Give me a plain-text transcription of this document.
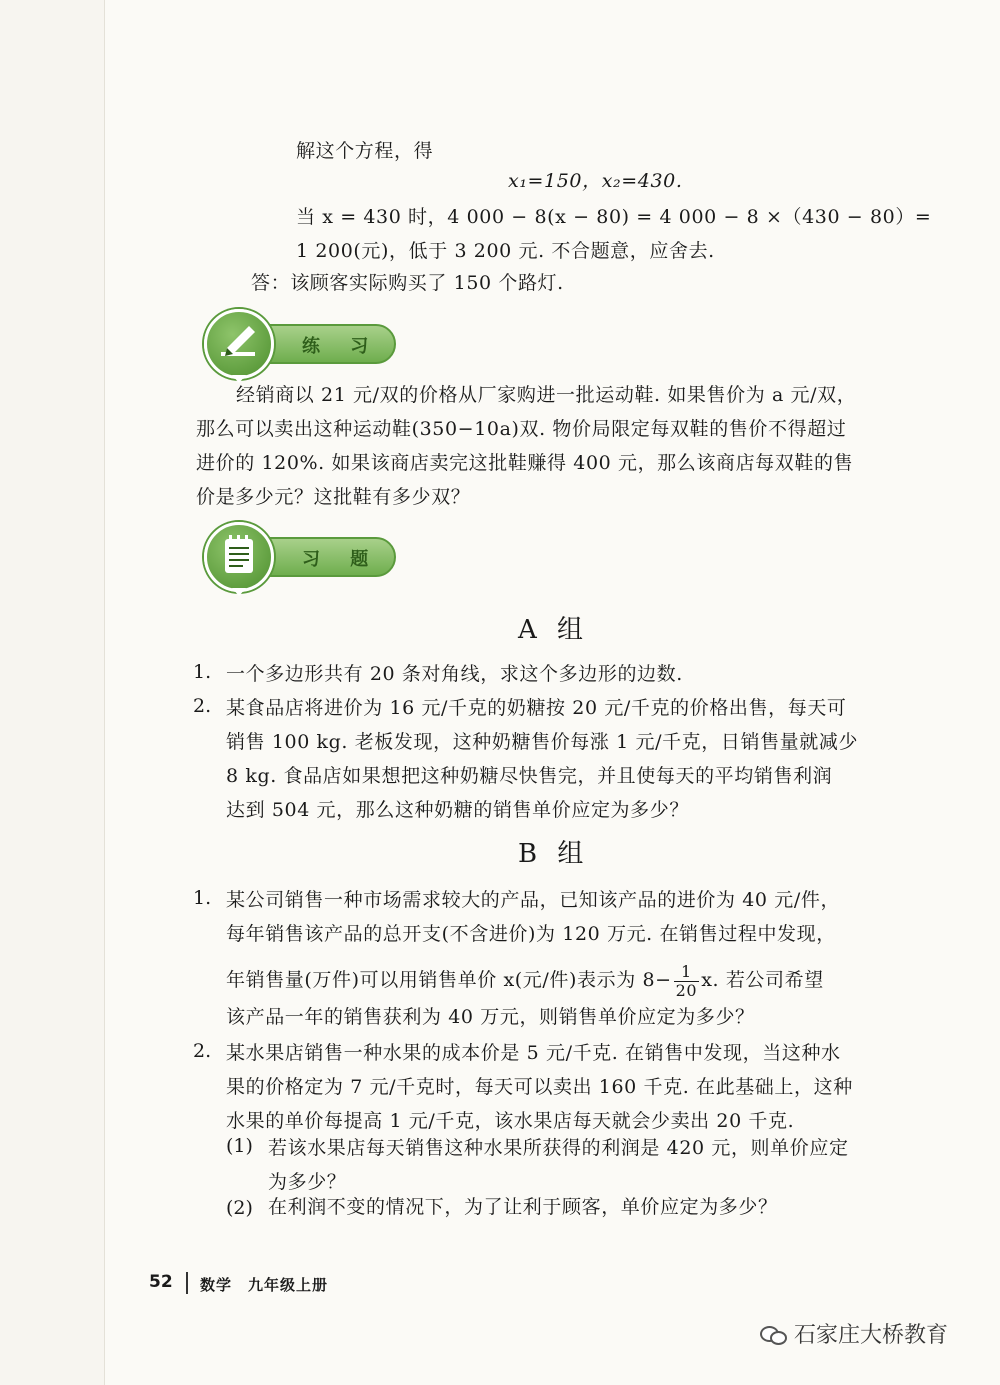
解这个方程，得
x₁=150，x₂=430.
当 x = 430 时，4 000 − 8(x − 80) = 4 000 − 8 ×（430 − 80）=
1 200(元)，低于 3 200 元. 不合题意，应舍去.
答：该顾客实际购买了 150 个路灯.
练 习
经销商以 21 元/双的价格从厂家购进一批运动鞋. 如果售价为 a 元/双，
那么可以卖出这种运动鞋(350−10a)双. 物价局限定每双鞋的售价不得超过
进价的 120%. 如果该商店卖完这批鞋赚得 400 元，那么该商店每双鞋的售
价是多少元？这批鞋有多少双？
习 题
A 组
1. 一个多边形共有 20 条对角线，求这个多边形的边数.
2. 某食品店将进价为 16 元/千克的奶糖按 20 元/千克的价格出售，每天可
销售 100 kg. 老板发现，这种奶糖售价每涨 1 元/千克，日销售量就减少
8 kg. 食品店如果想把这种奶糖尽快售完，并且使每天的平均销售利润
达到 504 元，那么这种奶糖的销售单价应定为多少？
B 组
1. 某公司销售一种市场需求较大的产品，已知该产品的进价为 40 元/件，
每年销售该产品的总开支(不含进价)为 120 万元. 在销售过程中发现，
年销售量(万件)可以用销售单价 x(元/件)表示为 $8- \frac{1}{20} x$. 若公司希望
该产品一年的销售获利为 40 万元，则销售单价应定为多少？
2. 某水果店销售一种水果的成本价是 5 元/千克. 在销售中发现，当这种水
果的价格定为 7 元/千克时，每天可以卖出 160 千克. 在此基础上，这种
水果的单价每提高 1 元/千克，该水果店每天就会少卖出 20 千克.
(1) 若该水果店每天销售这种水果所获得的利润是 420 元，则单价应定
为多少？
(2) 在利润不变的情况下，为了让利于顾客，单价应定为多少？
52 数学　九年级上册
石家庄大桥教育
